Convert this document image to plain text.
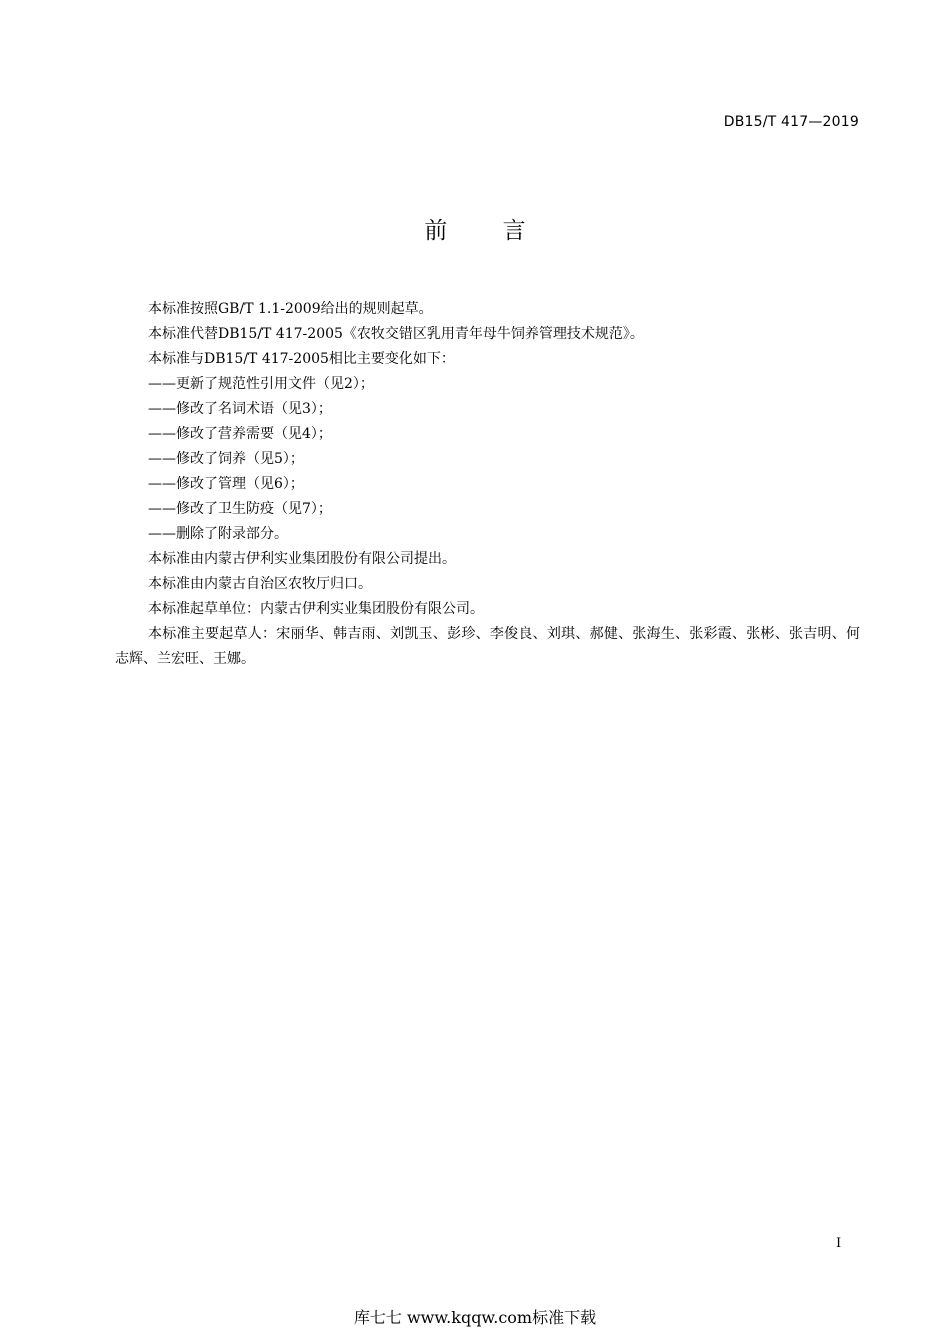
DB15/T 417—2019
前 言
本标准按照GB/T 1.1-2009给出的规则起草。
本标准代替DB15/T 417-2005《农牧交错区乳用青年母牛饲养管理技术规范》。
本标准与DB15/T 417-2005相比主要变化如下：
——更新了规范性引用文件（见2）；
——修改了名词术语（见3）；
——修改了营养需要（见4）；
——修改了饲养（见5）；
——修改了管理（见6）；
——修改了卫生防疫（见7）；
——删除了附录部分。
本标准由内蒙古伊利实业集团股份有限公司提出。
本标准由内蒙古自治区农牧厅归口。
本标准起草单位：内蒙古伊利实业集团股份有限公司。
本标准主要起草人：宋丽华、韩吉雨、刘凯玉、彭珍、李俊良、刘琪、郝健、张海生、张彩霞、张彬、张吉明、何志辉、兰宏旺、王娜。
I
库七七 www.kqqw.com标准下载
